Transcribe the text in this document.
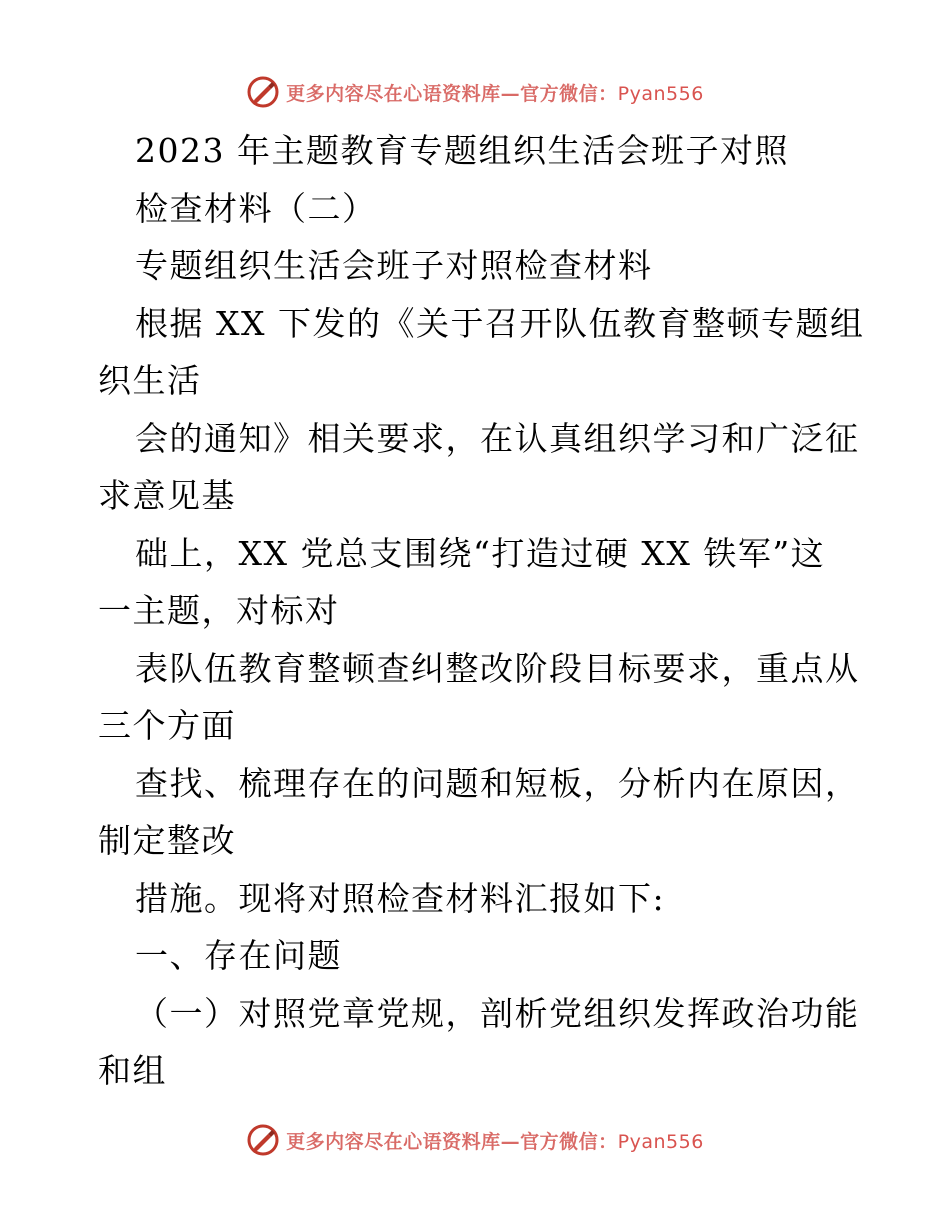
更多内容尽在心语资料库—官方微信：Pyan556
2023 年主题教育专题组织生活会班子对照
检查材料（二）
专题组织生活会班子对照检查材料
根据 XX 下发的《关于召开队伍教育整顿专题组
织生活
会的通知》相关要求，在认真组织学习和广泛征
求意见基
础上，XX 党总支围绕“打造过硬 XX 铁军”这
一主题，对标对
表队伍教育整顿查纠整改阶段目标要求，重点从
三个方面
查找、梳理存在的问题和短板，分析内在原因，
制定整改
措施。现将对照检查材料汇报如下:
一、存在问题
（一）对照党章党规，剖析党组织发挥政治功能
和组
更多内容尽在心语资料库—官方微信：Pyan556
